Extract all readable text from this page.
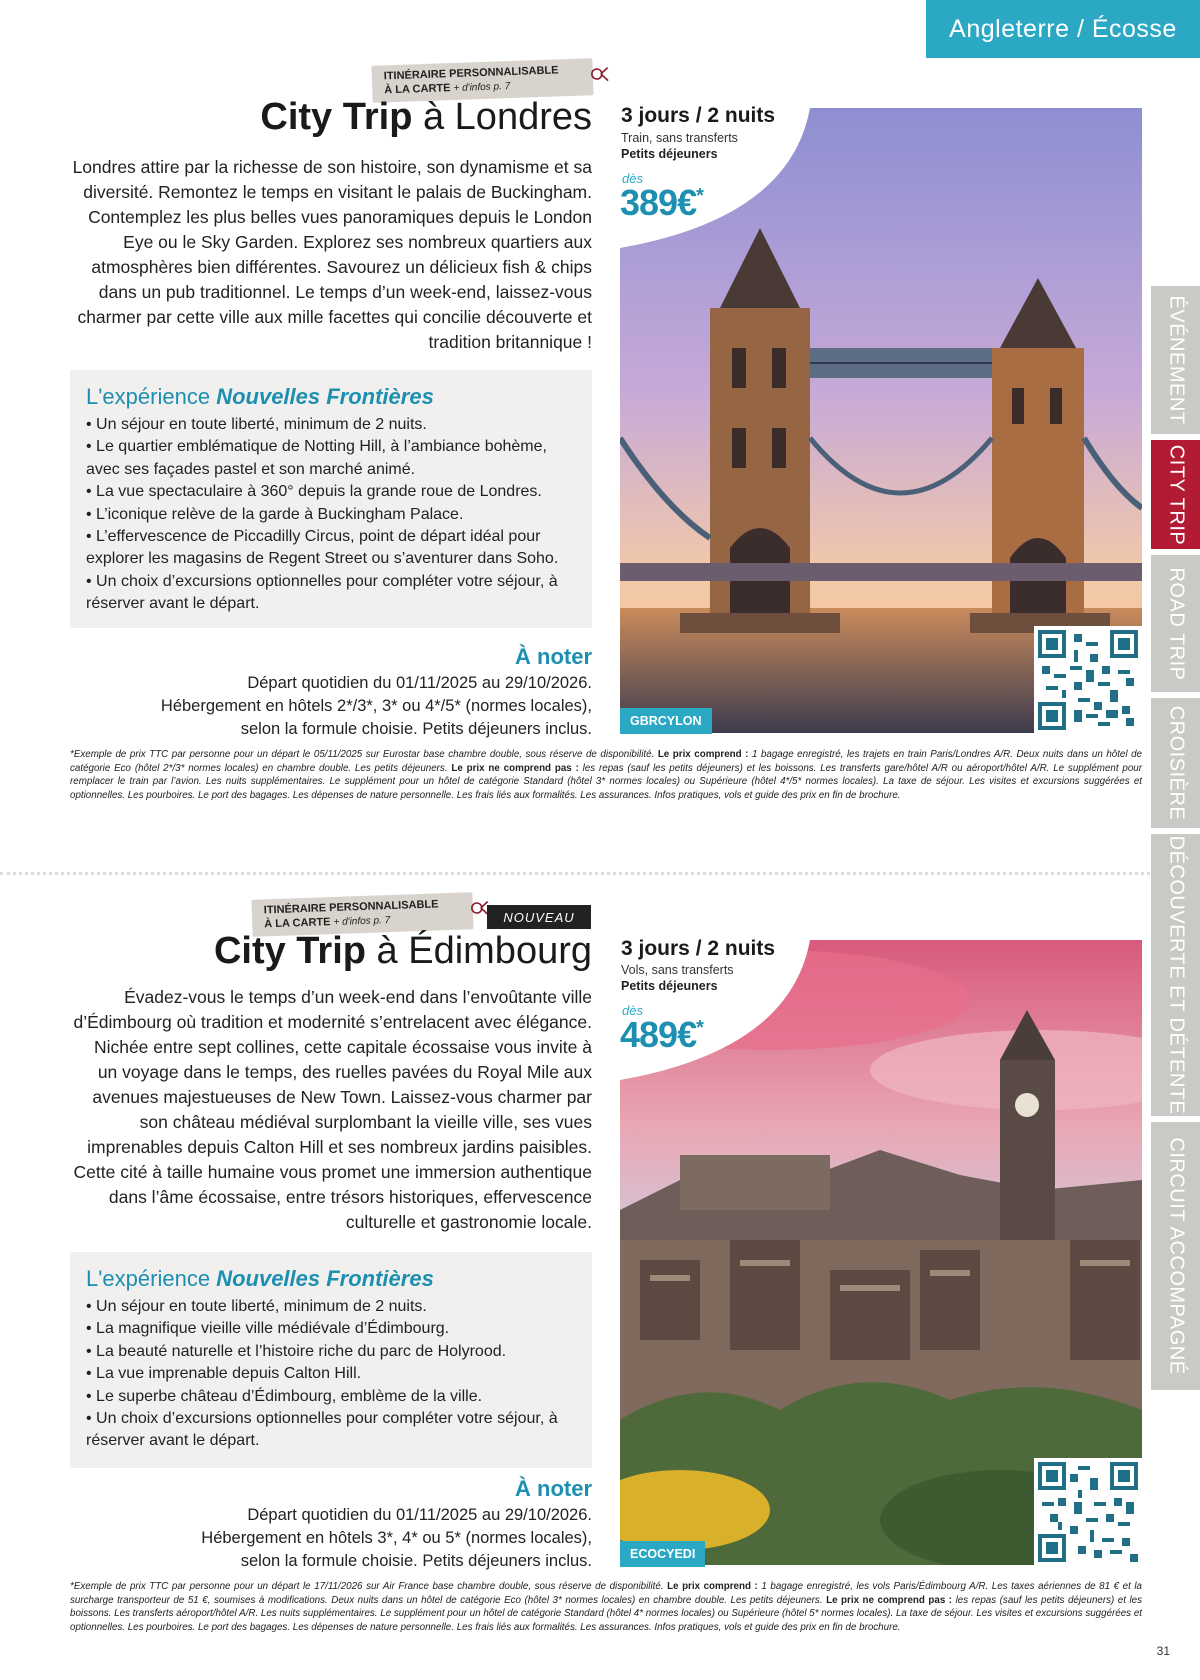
Angleterre / Écosse
ÉVÉNEMENT
CITY TRIP
ROAD TRIP
CROISIÈRE
DÉCOUVERTE ET DÉTENTE
CIRCUIT ACCOMPAGNÉ
ITINÉRAIRE PERSONNALISABLE
À LA CARTE + d'infos p. 7
City Trip à Londres
Londres attire par la richesse de son histoire, son dynamisme et sa diversité. Remontez le temps en visitant le palais de Buckingham. Contemplez les plus belles vues panoramiques depuis le London Eye ou le Sky Garden. Explorez ses nombreux quartiers aux atmosphères bien différentes. Savourez un délicieux fish & chips dans un pub traditionnel. Le temps d’un week-end, laissez-vous charmer par cette ville aux mille facettes qui concilie découverte et tradition britannique !
L'expérience Nouvelles Frontières
• Un séjour en toute liberté, minimum de 2 nuits.
• Le quartier emblématique de Notting Hill, à l’ambiance bohème, avec ses façades pastel et son marché animé.
• La vue spectaculaire à 360° depuis la grande roue de Londres.
• L’iconique relève de la garde à Buckingham Palace.
• L’effervescence de Piccadilly Circus, point de départ idéal pour explorer les magasins de Regent Street ou s’aventurer dans Soho.
• Un choix d’excursions optionnelles pour compléter votre séjour, à réserver avant le départ.
À noter
Départ quotidien du 01/11/2025 au 29/10/2026.
Hébergement en hôtels 2*/3*, 3* ou 4*/5* (normes locales),
selon la formule choisie. Petits déjeuners inclus.
3 jours / 2 nuits
Train, sans transferts
Petits déjeuners
dès
389€*
GBRCYLON
*Exemple de prix TTC par personne pour un départ le 05/11/2025 sur Eurostar base chambre double, sous réserve de disponibilité. Le prix comprend : 1 bagage enregistré, les trajets en train Paris/Londres A/R. Deux nuits dans un hôtel de catégorie Eco (hôtel 2*/3* normes locales) en chambre double. Les petits déjeuners. Le prix ne comprend pas : les repas (sauf les petits déjeuners) et les boissons. Les transferts gare/hôtel A/R ou aéroport/hôtel A/R. Le supplément pour remplacer le train par l’avion. Les nuits supplémentaires. Le supplément pour un hôtel de catégorie Standard (hôtel 3* normes locales) ou Supérieure (hôtel 4*/5* normes locales). La taxe de séjour. Les visites et excursions suggérées et optionnelles. Les pourboires. Le port des bagages. Les dépenses de nature personnelle. Les frais liés aux formalités. Les assurances. Infos pratiques, vols et guide des prix en fin de brochure.
ITINÉRAIRE PERSONNALISABLE
À LA CARTE + d'infos p. 7	NOUVEAU
City Trip à Édimbourg
Évadez-vous le temps d’un week-end dans l’envoûtante ville d’Édimbourg où tradition et modernité s’entrelacent avec élégance. Nichée entre sept collines, cette capitale écossaise vous invite à un voyage dans le temps, des ruelles pavées du Royal Mile aux avenues majestueuses de New Town. Laissez-vous charmer par son château médiéval surplombant la vieille ville, ses vues imprenables depuis Calton Hill et ses nombreux jardins paisibles. Cette cité à taille humaine vous promet une immersion authentique dans l’âme écossaise, entre trésors historiques, effervescence culturelle et gastronomie locale.
L'expérience Nouvelles Frontières
• Un séjour en toute liberté, minimum de 2 nuits.
• La magnifique vieille ville médiévale d’Édimbourg.
• La beauté naturelle et l’histoire riche du parc de Holyrood.
• La vue imprenable depuis Calton Hill.
• Le superbe château d’Édimbourg, emblème de la ville.
• Un choix d’excursions optionnelles pour compléter votre séjour, à réserver avant le départ.
À noter
Départ quotidien du 01/11/2025 au 29/10/2026.
Hébergement en hôtels 3*, 4* ou 5* (normes locales),
selon la formule choisie. Petits déjeuners inclus.
3 jours / 2 nuits
Vols, sans transferts
Petits déjeuners
dès
489€*
ECOCYEDI
*Exemple de prix TTC par personne pour un départ le 17/11/2026 sur Air France base chambre double, sous réserve de disponibilité. Le prix comprend : 1 bagage enregistré, les vols Paris/Édimbourg A/R. Les taxes aériennes de 81 € et la surcharge transporteur de 51 €, soumises à modifications. Deux nuits dans un hôtel de catégorie Eco (hôtel 3* normes locales) en chambre double. Les petits déjeuners. Le prix ne comprend pas : les repas (sauf les petits déjeuners) et les boissons. Les transferts aéroport/hôtel A/R. Les nuits supplémentaires. Le supplément pour un hôtel de catégorie Standard (hôtel 4* normes locales) ou Supérieure (hôtel 5* normes locales). La taxe de séjour. Les visites et excursions suggérées et optionnelles. Les pourboires. Le port des bagages. Les dépenses de nature personnelle. Les frais liés aux formalités. Les assurances. Infos pratiques, vols et guide des prix en fin de brochure.
31
